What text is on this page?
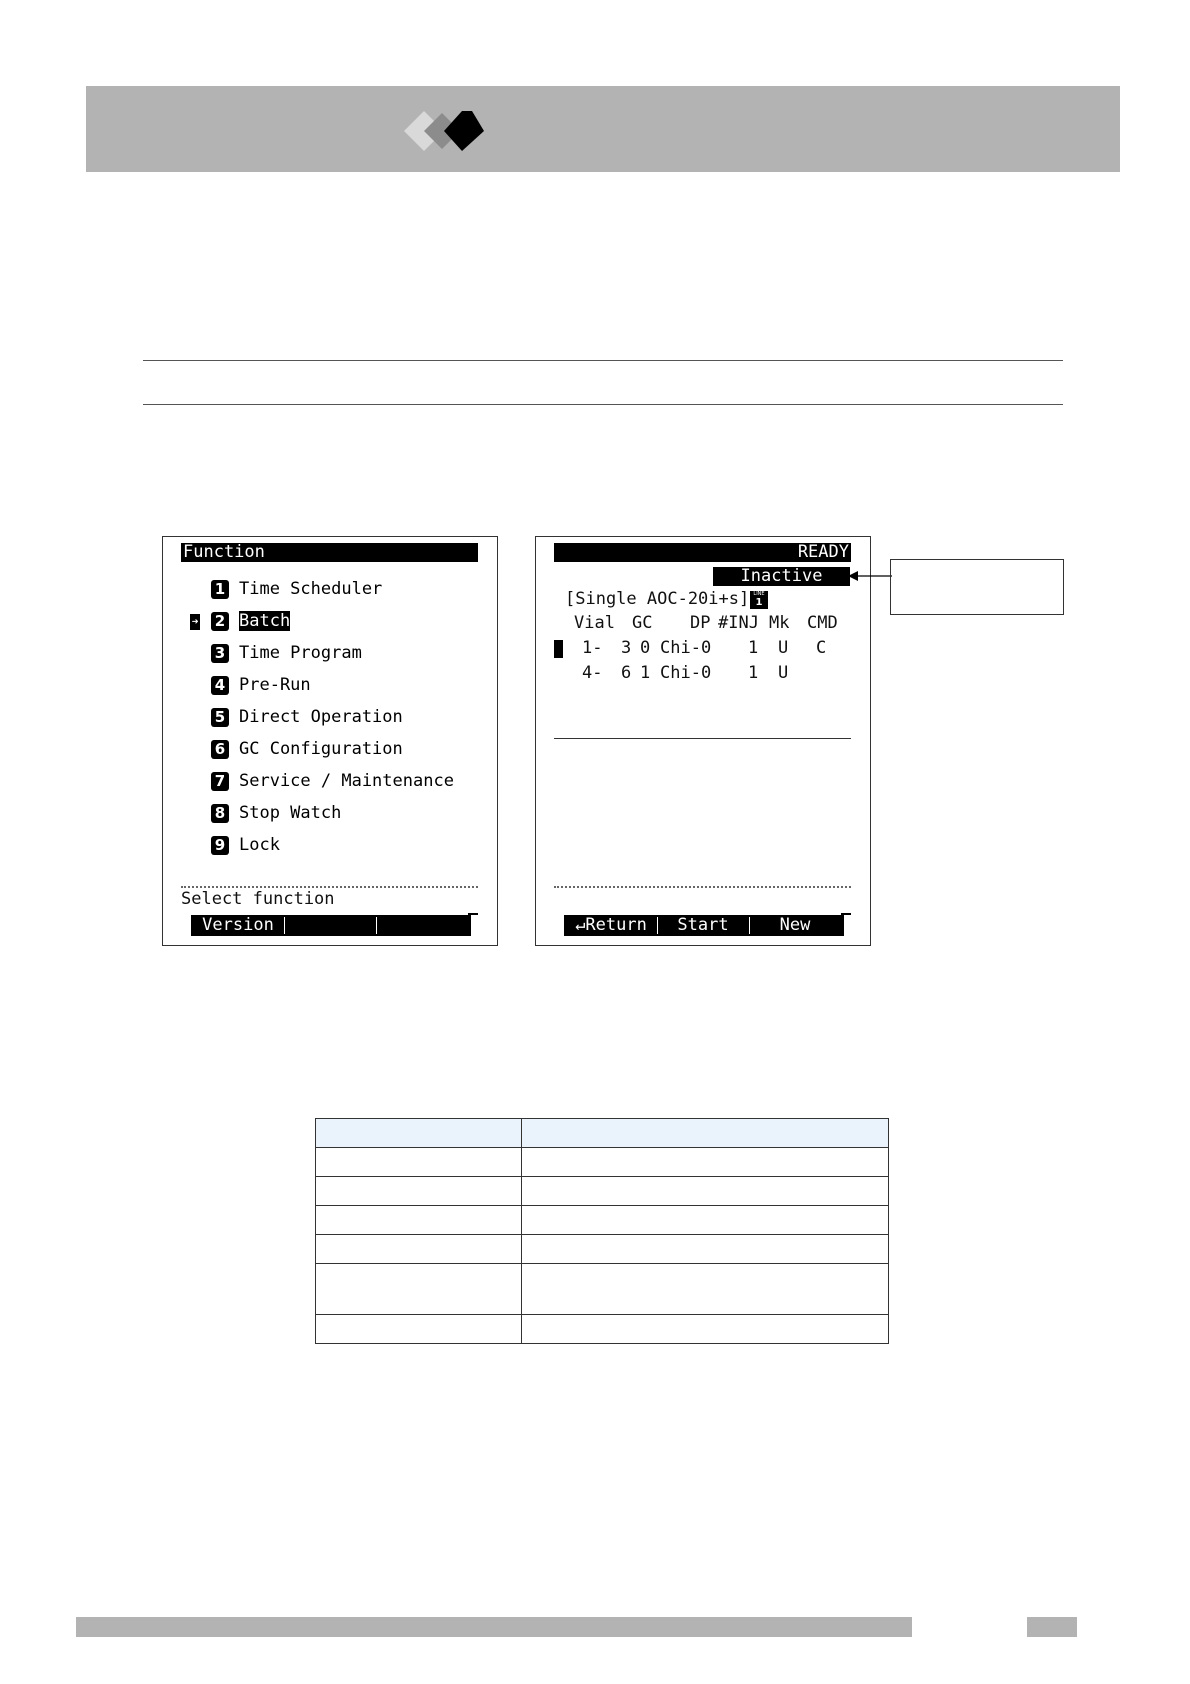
Function
➜
1 Time Scheduler
2 Batch
3 Time Program
4 Pre-Run
5 Direct Operation
6 GC Configuration
7 Service / Maintenance
8 Stop Watch
9 Lock
Select function
Version

Batch

READY

Inactive
[Single AOC-20i+s] LINE
1
Vial GC DP #INJ Mk CMD
1- 3 0 Chi-0 1 U C
4- 6 1 Chi-0 1 U
↵Return	Start	New
